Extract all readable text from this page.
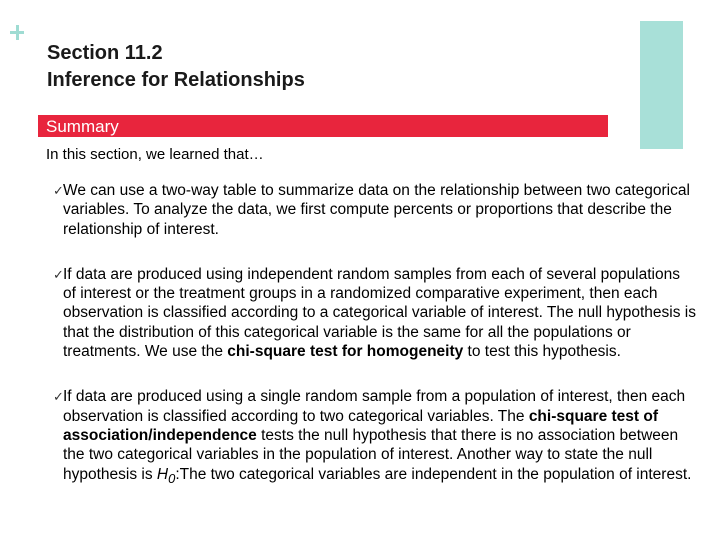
Section 11.2
Inference for Relationships
Summary
In this section, we learned that…
✓ We can use a two-way table to summarize data on the relationship between two categorical variables. To analyze the data, we first compute percents or proportions that describe the relationship of interest.
✓ If data are produced using independent random samples from each of several populations of interest or the treatment groups in a randomized comparative experiment, then each observation is classified according to a categorical variable of interest. The null hypothesis is that the distribution of this categorical variable is the same for all the populations or treatments. We use the chi-square test for homogeneity to test this hypothesis.
✓ If data are produced using a single random sample from a population of interest, then each observation is classified according to two categorical variables. The chi-square test of association/independence tests the null hypothesis that there is no association between the two categorical variables in the population of interest. Another way to state the null hypothesis is $H_0:The$ two categorical variables are independent in the population of interest.
